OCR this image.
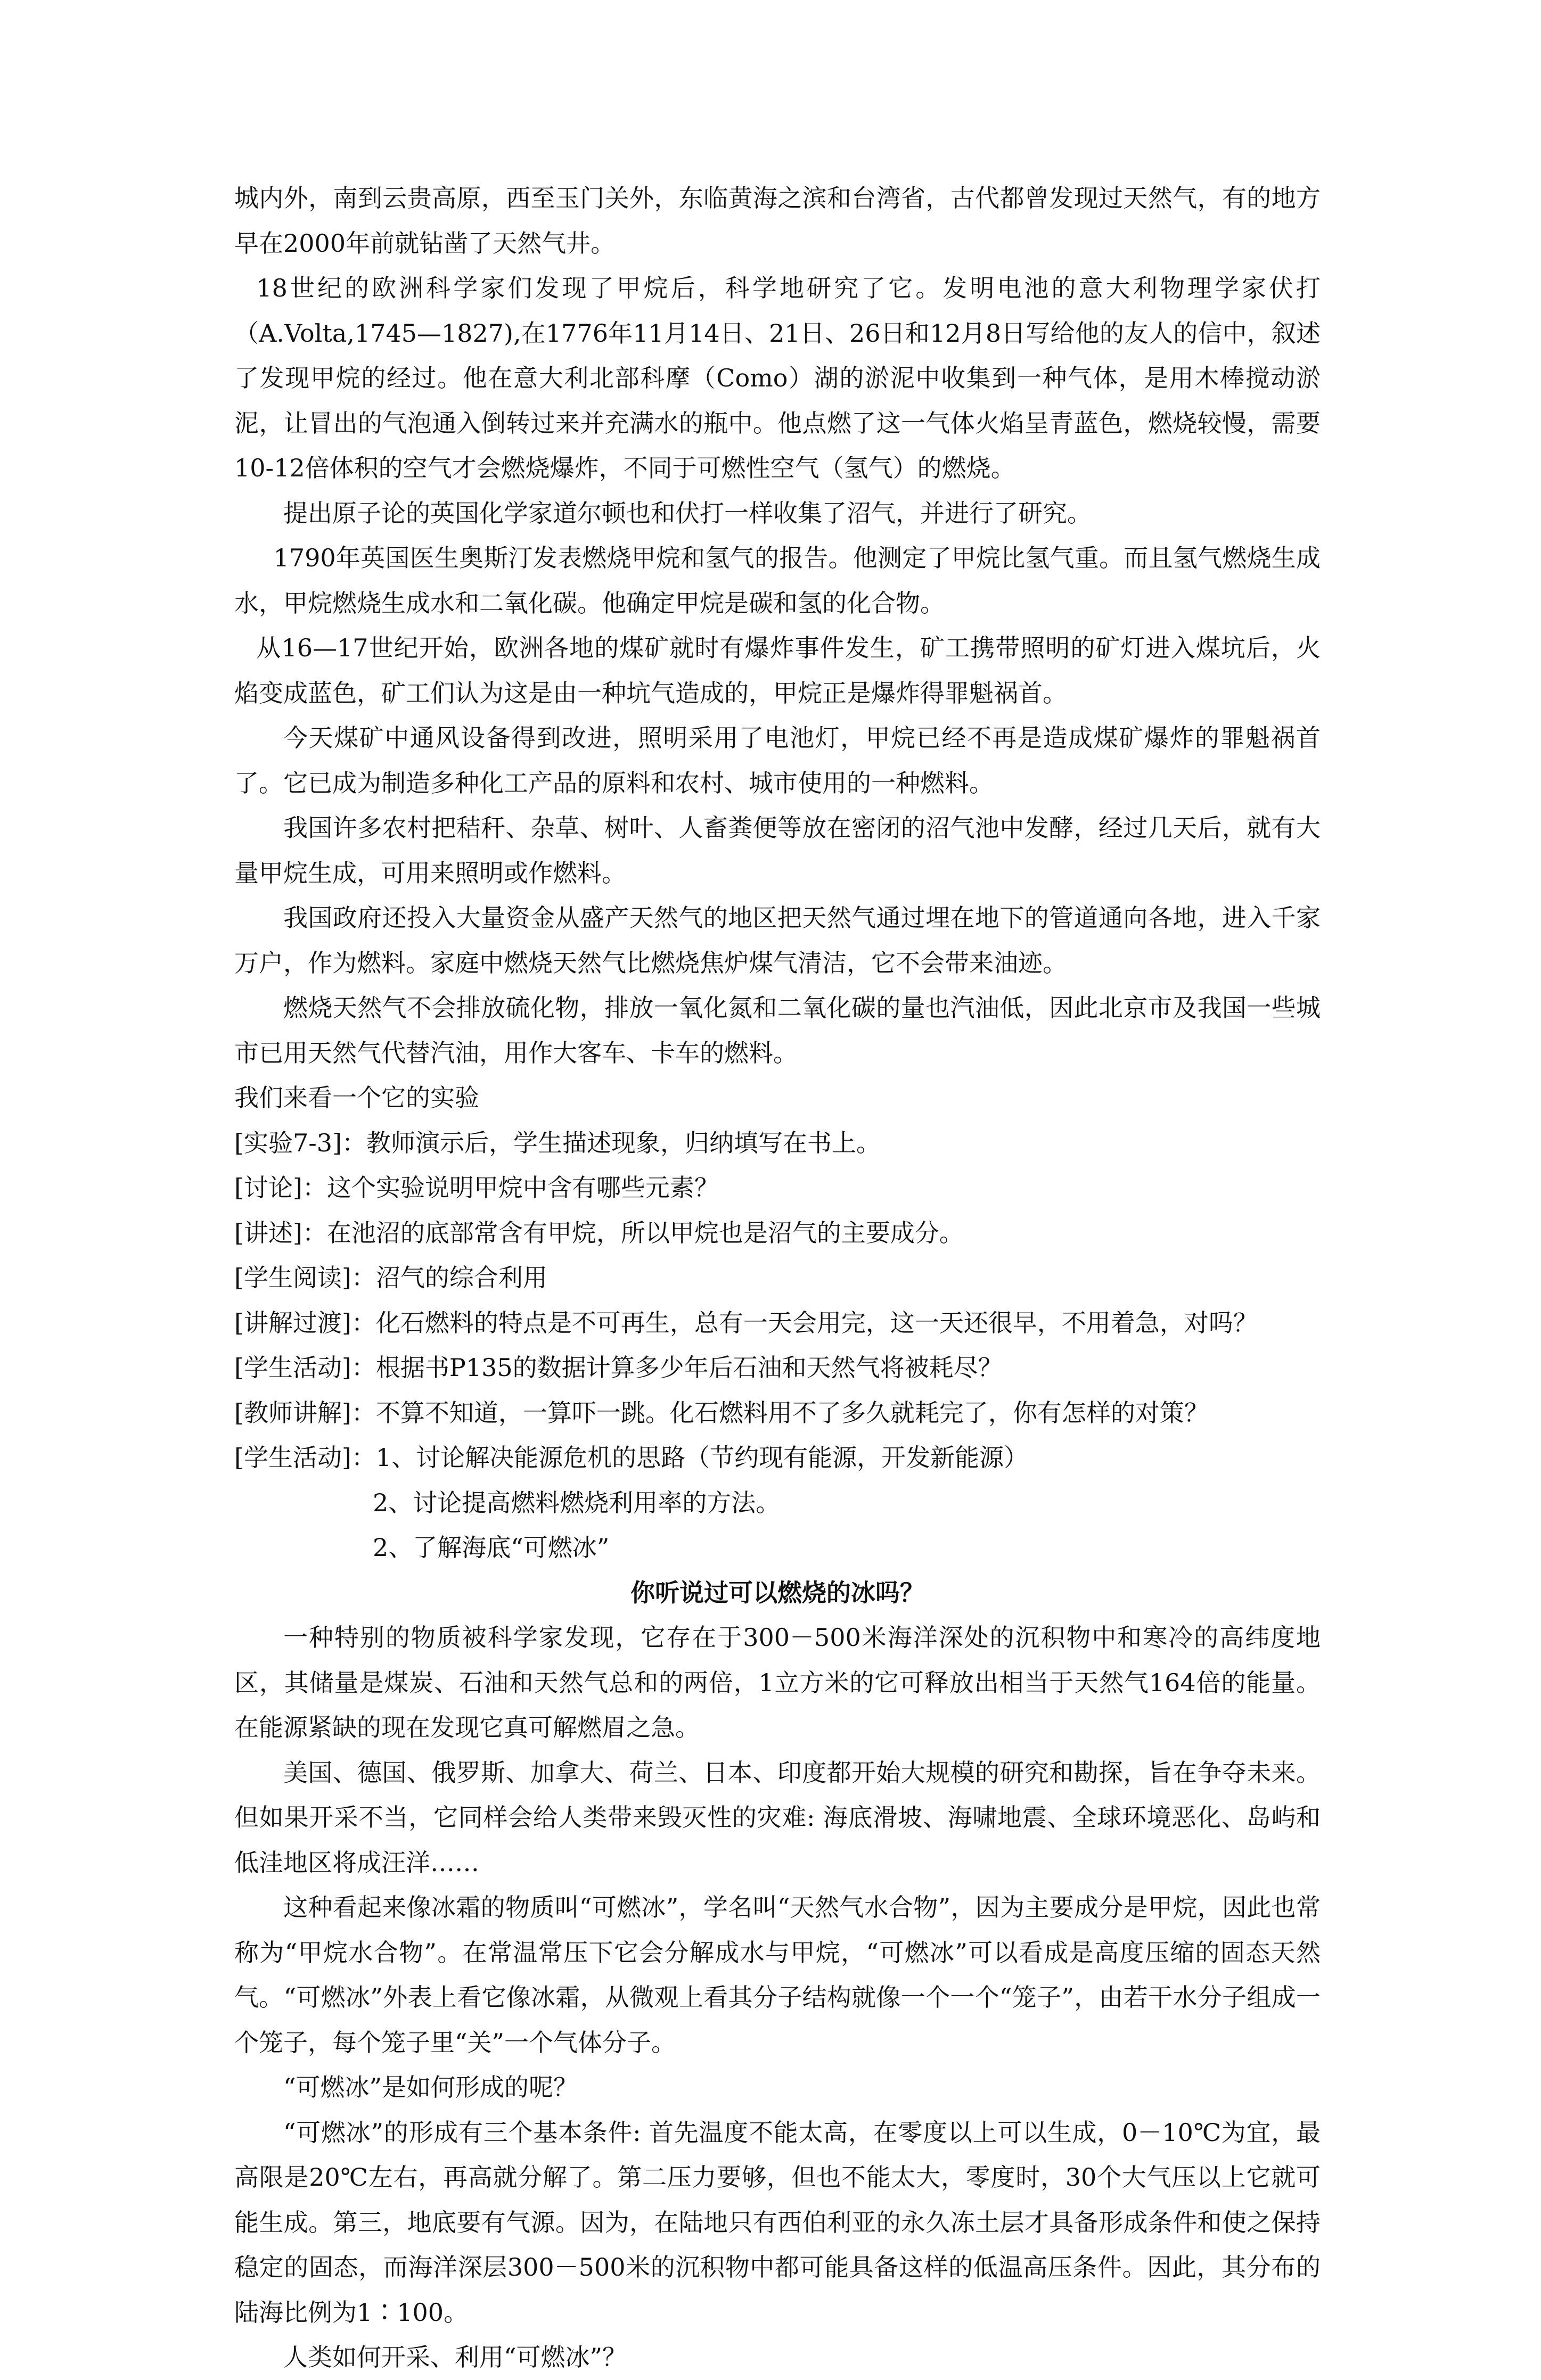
城内外，南到云贵高原，西至玉门关外，东临黄海之滨和台湾省，古代都曾发现过天然气，有的地方早在2000年前就钻凿了天然气井。

18世纪的欧洲科学家们发现了甲烷后，科学地研究了它。发明电池的意大利物理学家伏打（A.Volta,1745—1827),在1776年11月14日、21日、26日和12月8日写给他的友人的信中，叙述了发现甲烷的经过。他在意大利北部科摩（Como）湖的淤泥中收集到一种气体，是用木棒搅动淤泥，让冒出的气泡通入倒转过来并充满水的瓶中。他点燃了这一气体火焰呈青蓝色，燃烧较慢，需要10-12倍体积的空气才会燃烧爆炸，不同于可燃性空气（氢气）的燃烧。

提出原子论的英国化学家道尔顿也和伏打一样收集了沼气，并进行了研究。

1790年英国医生奥斯汀发表燃烧甲烷和氢气的报告。他测定了甲烷比氢气重。而且氢气燃烧生成水，甲烷燃烧生成水和二氧化碳。他确定甲烷是碳和氢的化合物。

从16—17世纪开始，欧洲各地的煤矿就时有爆炸事件发生，矿工携带照明的矿灯进入煤坑后，火焰变成蓝色，矿工们认为这是由一种坑气造成的，甲烷正是爆炸得罪魁祸首。

今天煤矿中通风设备得到改进，照明采用了电池灯，甲烷已经不再是造成煤矿爆炸的罪魁祸首了。它已成为制造多种化工产品的原料和农村、城市使用的一种燃料。

我国许多农村把秸秆、杂草、树叶、人畜粪便等放在密闭的沼气池中发酵，经过几天后，就有大量甲烷生成，可用来照明或作燃料。

我国政府还投入大量资金从盛产天然气的地区把天然气通过埋在地下的管道通向各地，进入千家万户，作为燃料。家庭中燃烧天然气比燃烧焦炉煤气清洁，它不会带来油迹。

燃烧天然气不会排放硫化物，排放一氧化氮和二氧化碳的量也汽油低，因此北京市及我国一些城市已用天然气代替汽油，用作大客车、卡车的燃料。

我们来看一个它的实验

[实验7-3]：教师演示后，学生描述现象，归纳填写在书上。

[讨论]：这个实验说明甲烷中含有哪些元素？

[讲述]：在池沼的底部常含有甲烷，所以甲烷也是沼气的主要成分。

[学生阅读]：沼气的综合利用

[讲解过渡]：化石燃料的特点是不可再生，总有一天会用完，这一天还很早，不用着急，对吗？

[学生活动]：根据书P135的数据计算多少年后石油和天然气将被耗尽？

[教师讲解]：不算不知道，一算吓一跳。化石燃料用不了多久就耗完了，你有怎样的对策？

[学生活动]：1、讨论解决能源危机的思路（节约现有能源，开发新能源）

2、讨论提高燃料燃烧利用率的方法。

2、了解海底“可燃冰”

你听说过可以燃烧的冰吗？

一种特别的物质被科学家发现，它存在于300－500米海洋深处的沉积物中和寒冷的高纬度地区，其储量是煤炭、石油和天然气总和的两倍，1立方米的它可释放出相当于天然气164倍的能量。在能源紧缺的现在发现它真可解燃眉之急。

美国、德国、俄罗斯、加拿大、荷兰、日本、印度都开始大规模的研究和勘探，旨在争夺未来。但如果开采不当，它同样会给人类带来毁灭性的灾难: 海底滑坡、海啸地震、全球环境恶化、岛屿和低洼地区将成汪洋……

这种看起来像冰霜的物质叫“可燃冰”，学名叫“天然气水合物”，因为主要成分是甲烷，因此也常称为“甲烷水合物”。在常温常压下它会分解成水与甲烷，“可燃冰”可以看成是高度压缩的固态天然气。“可燃冰”外表上看它像冰霜，从微观上看其分子结构就像一个一个“笼子”，由若干水分子组成一个笼子，每个笼子里“关”一个气体分子。

“可燃冰”是如何形成的呢？

“可燃冰”的形成有三个基本条件: 首先温度不能太高，在零度以上可以生成，0－10℃为宜，最高限是20℃左右，再高就分解了。第二压力要够，但也不能太大，零度时，30个大气压以上它就可能生成。第三，地底要有气源。因为，在陆地只有西伯利亚的永久冻土层才具备形成条件和使之保持稳定的固态，而海洋深层300－500米的沉积物中都可能具备这样的低温高压条件。因此，其分布的陆海比例为1∶100。

人类如何开采、利用“可燃冰”？
